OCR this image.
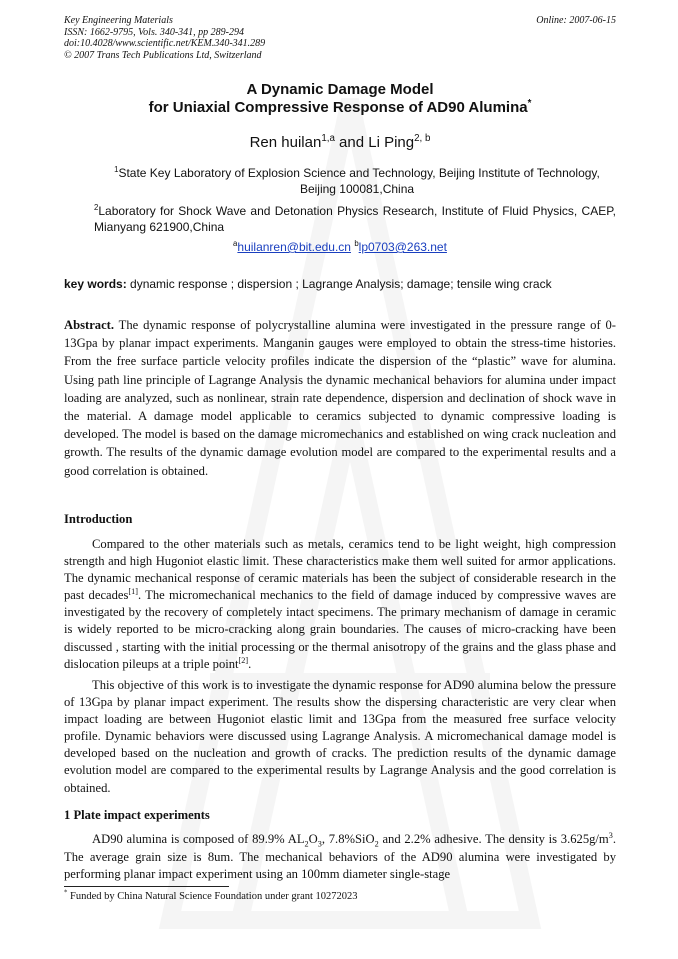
Key Engineering Materials
ISSN: 1662-9795, Vols. 340-341, pp 289-294
doi:10.4028/www.scientific.net/KEM.340-341.289
© 2007 Trans Tech Publications Ltd, Switzerland
Online: 2007-06-15
A Dynamic Damage Model
for Uniaxial Compressive Response of AD90 Alumina*
Ren huilan$^{1,a}$ and Li Ping$^{2, b}$
$^1$State Key Laboratory of Explosion Science and Technology, Beijing Institute of Technology, Beijing 100081,China
$^2$Laboratory for Shock Wave and Detonation Physics Research, Institute of Fluid Physics, CAEP, Mianyang 621900,China
$^a$huilanren@bit.edu.cn $^b$lp0703@263.net
key words: dynamic response ; dispersion ; Lagrange Analysis; damage; tensile wing crack
Abstract. The dynamic response of polycrystalline alumina were investigated in the pressure range of 0-13Gpa by planar impact experiments. Manganin gauges were employed to obtain the stress-time histories. From the free surface particle velocity profiles indicate the dispersion of the “plastic” wave for alumina. Using path line principle of Lagrange Analysis the dynamic mechanical behaviors for alumina under impact loading are analyzed, such as nonlinear, strain rate dependence, dispersion and declination of shock wave in the material. A damage model applicable to ceramics subjected to dynamic compressive loading is developed. The model is based on the damage micromechanics and established on wing crack nucleation and growth. The results of the dynamic damage evolution model are compared to the experimental results and a good correlation is obtained.
Introduction
Compared to the other materials such as metals, ceramics tend to be light weight, high compression strength and high Hugoniot elastic limit. These characteristics make them well suited for armor applications. The dynamic mechanical response of ceramic materials has been the subject of considerable research in the past decades[1]. The micromechanical mechanics to the field of damage induced by compressive waves are investigated by the recovery of completely intact specimens. The primary mechanism of damage in ceramic is widely reported to be micro-cracking along grain boundaries. The causes of micro-cracking have been discussed , starting with the initial processing or the thermal anisotropy of the grains and the glass phase and dislocation pileups at a triple point[2].
This objective of this work is to investigate the dynamic response for AD90 alumina below the pressure of 13Gpa by planar impact experiment. The results show the dispersing characteristic are very clear when impact loading are between Hugoniot elastic limit and 13Gpa from the measured free surface velocity profile. Dynamic behaviors were discussed using Lagrange Analysis. A micromechanical damage model is developed based on the nucleation and growth of cracks. The prediction results of the dynamic damage evolution model are compared to the experimental results by Lagrange Analysis and the good correlation is obtained.
1 Plate impact experiments
AD90 alumina is composed of 89.9% $AL_2O_3$, 7.8%SiO$_2$ and 2.2% adhesive. The density is $3.625g/m^3$. The average grain size is 8um. The mechanical behaviors of the AD90 alumina were investigated by performing planar impact experiment using an 100mm diameter single-stage
* Funded by China Natural Science Foundation under grant 10272023
